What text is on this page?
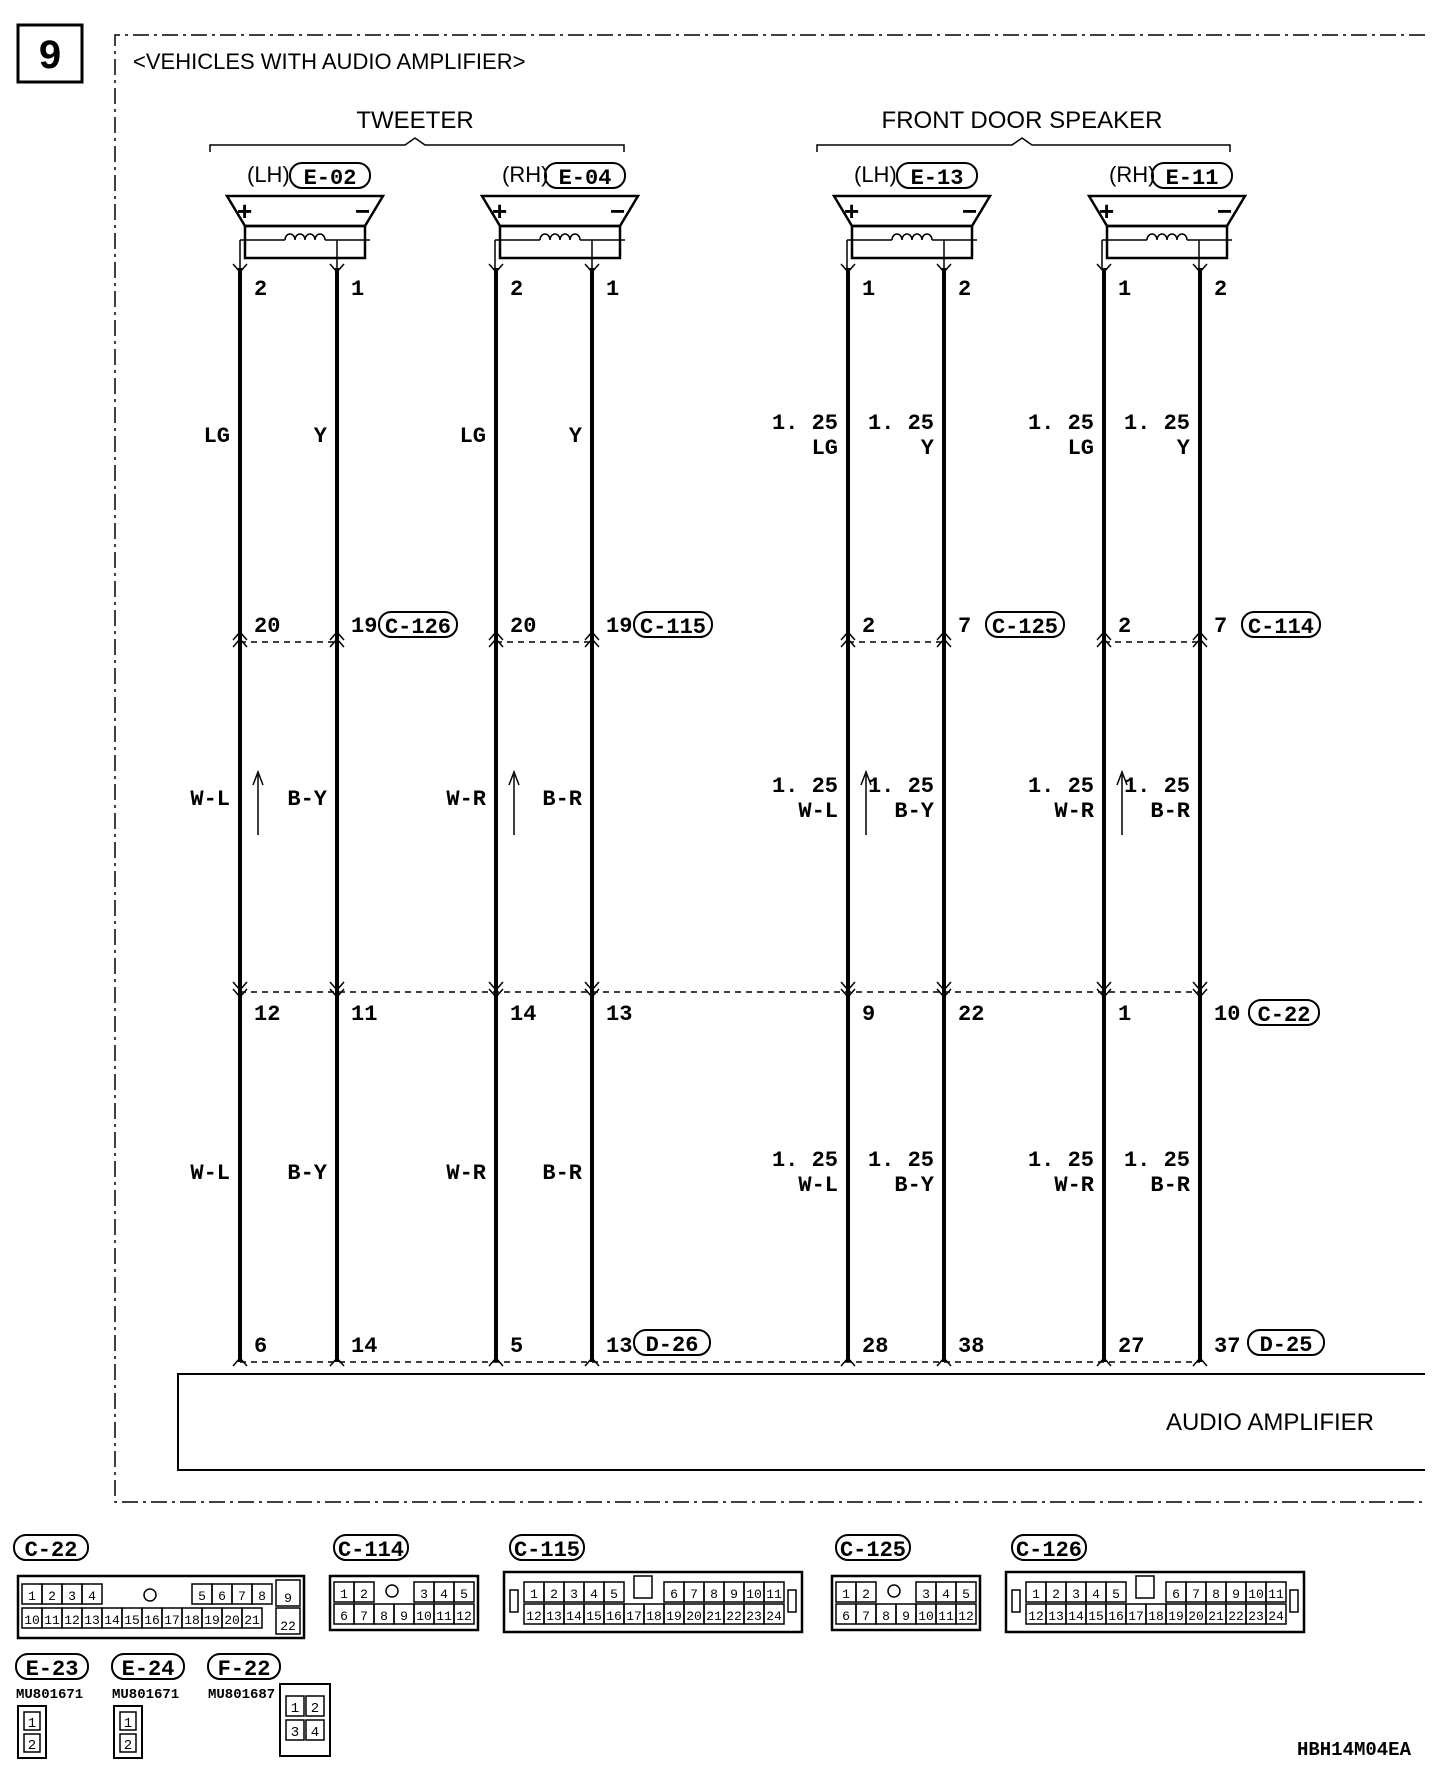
9	<VEHICLES WITH AUDIO AMPLIFIER>
TWEETER	FRONT DOOR SPEAKER
(LH) E-02
+	−
2	1
(RH) E-04
+	−
2	1
(LH) E-13
+	−
1	2
(RH) E-11
+	−
1	2
20	19 C-126	20	19 C-115	2	7 C-125	2	7 C-114
12	11	14	13	9	22	1	10 C-22
6	14	5	13	28	38	27	37
D-26	D-25
LG	Y	LG	Y
1. 25
LG
1. 25
Y
1. 25
LG
1. 25
Y
W-L	B-Y	W-R	B-R
1. 25
W-L
1. 25
B-Y
1. 25
W-R
1. 25
B-R
W-L	B-Y	W-R	B-R
1. 25
W-L
1. 25
B-Y
1. 25
W-R
1. 25
B-R
AUDIO AMPLIFIER
C-22
1 2 3 4	5 6 7 8 9
10 11 12 13 14 15 16 17 18 19 20 21 22
C-114
1 2	3 4 5
6 7 8 9 10 11 12
C-125
1 2	3 4 5
6 7 8 9 10 11 12
C-115
1 2 3 4 5	6 7 8 9 10 11
12 13 14 15 16 17 18 19 20 21 22 23 24
C-126
1 2 3 4 5	6 7 8 9 10 11
12 13 14 15 16 17 18 19 20 21 22 23 24
E-23
MU801671
1
2
E-24
MU801671
1
2
F-22
MU801687
1 2
3 4
HBH14M04EA
